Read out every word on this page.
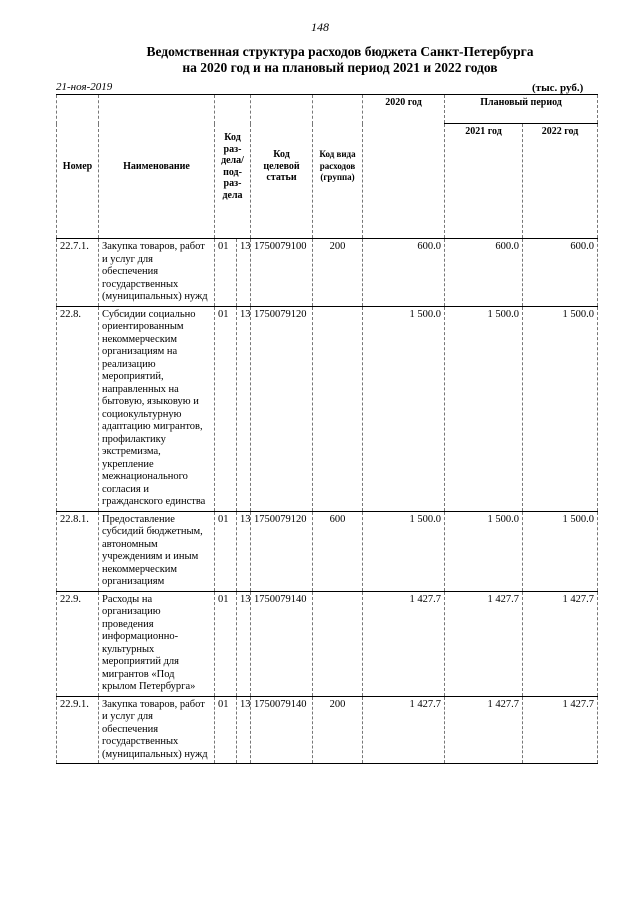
148
Ведомственная структура расходов бюджета Санкт-Петербурга
на 2020 год и на плановый период 2021 и 2022 годов
21-ноя-2019	(тыс. руб.)
Номер	Наименование	Код раз-дела/ под-раз-дела		Код целевой статьи	Код вида расходов (группа)	2020 год	Плановый период	
							2021 год	2022 год
22.7.1.	Закупка товаров, работ и услуг для обеспечения государственных (муниципальных) нужд	01	13	1750079100	200	600.0	600.0	600.0
22.8.	Субсидии социально ориентированным некоммерческим организациям на реализацию мероприятий, направленных на бытовую, языковую и социокультурную адаптацию мигрантов, профилактику экстремизма, укрепление межнационального согласия и гражданского единства	01	13	1750079120		1 500.0	1 500.0	1 500.0
22.8.1.	Предоставление субсидий бюджетным, автономным учреждениям и иным некоммерческим организациям	01	13	1750079120	600	1 500.0	1 500.0	1 500.0
22.9.	Расходы на организацию проведения информационно-культурных мероприятий для мигрантов «Под крылом Петербурга»	01	13	1750079140		1 427.7	1 427.7	1 427.7
22.9.1.	Закупка товаров, работ и услуг для обеспечения государственных (муниципальных) нужд	01	13	1750079140	200	1 427.7	1 427.7	1 427.7
